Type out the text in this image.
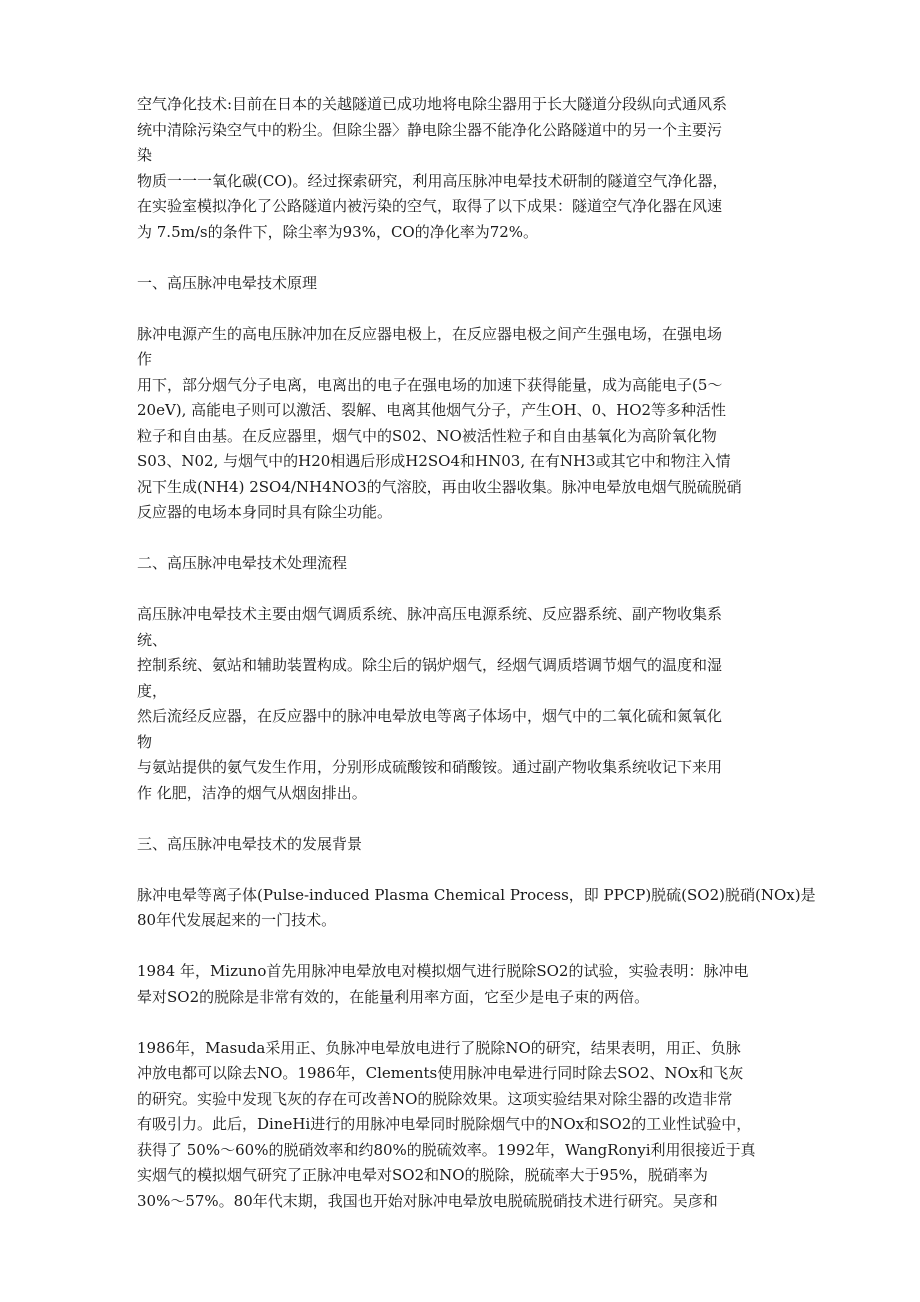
空气净化技术:目前在日本的关越隧道已成功地将电除尘器用于长大隧道分段纵向式通风系
统中清除污染空气中的粉尘。但除尘器〉静电除尘器不能净化公路隧道中的另一个主要污
染
物质一一一氧化碳(CO)。经过探索研究，利用高压脉冲电晕技术研制的隧道空气净化器，
在实验室模拟净化了公路隧道内被污染的空气，取得了以下成果：隧道空气净化器在风速
为 7.5m/s的条件下，除尘率为93%，CO的净化率为72%。
一、高压脉冲电晕技术原理
脉冲电源产生的高电压脉冲加在反应器电极上，在反应器电极之间产生强电场，在强电场
作
用下，部分烟气分子电离，电离出的电子在强电场的加速下获得能量，成为高能电子(5～
20eV), 高能电子则可以激活、裂解、电离其他烟气分子，产生OH、0、HO2等多种活性
粒子和自由基。在反应器里，烟气中的S02、NO被活性粒子和自由基氧化为高阶氧化物
S03、N02, 与烟气中的H20相遇后形成H2SO4和HN03, 在有NH3或其它中和物注入情
况下生成(NH4) 2SO4/NH4NO3的气溶胶，再由收尘器收集。脉冲电晕放电烟气脱硫脱硝
反应器的电场本身同时具有除尘功能。
二、高压脉冲电晕技术处理流程
高压脉冲电晕技术主要由烟气调质系统、脉冲高压电源系统、反应器系统、副产物收集系
统、
控制系统、氨站和辅助装置构成。除尘后的锅炉烟气，经烟气调质塔调节烟气的温度和湿
度，
然后流经反应器，在反应器中的脉冲电晕放电等离子体场中，烟气中的二氧化硫和氮氧化
物
与氨站提供的氨气发生作用，分别形成硫酸铵和硝酸铵。通过副产物收集系统收记下来用
作 化肥，洁净的烟气从烟囱排出。
三、高压脉冲电晕技术的发展背景
脉冲电晕等离子体(Pulse-induced Plasma Chemical Process，即 PPCP)脱硫(SO2)脱硝(NOx)是
80年代发展起来的一门技术。
1984 年，Mizuno首先用脉冲电晕放电对模拟烟气进行脱除SO2的试验，实验表明：脉冲电
晕对SO2的脱除是非常有效的，在能量利用率方面，它至少是电子束的两倍。
1986年，Masuda采用正、负脉冲电晕放电进行了脱除NO的研究，结果表明，用正、负脉
冲放电都可以除去NO。1986年，Clements使用脉冲电晕进行同时除去SO2、NOx和飞灰
的研究。实验中发现飞灰的存在可改善NO的脱除效果。这项实验结果对除尘器的改造非常
有吸引力。此后，DineHi进行的用脉冲电晕同时脱除烟气中的NOx和SO2的工业性试验中，
获得了 50%～60%的脱硝效率和约80%的脱硫效率。1992年，WangRonyi利用很接近于真
实烟气的模拟烟气研究了正脉冲电晕对SO2和NO的脱除，脱硫率大于95%，脱硝率为
30%～57%。80年代末期，我国也开始对脉冲电晕放电脱硫脱硝技术进行研究。吴彦和
